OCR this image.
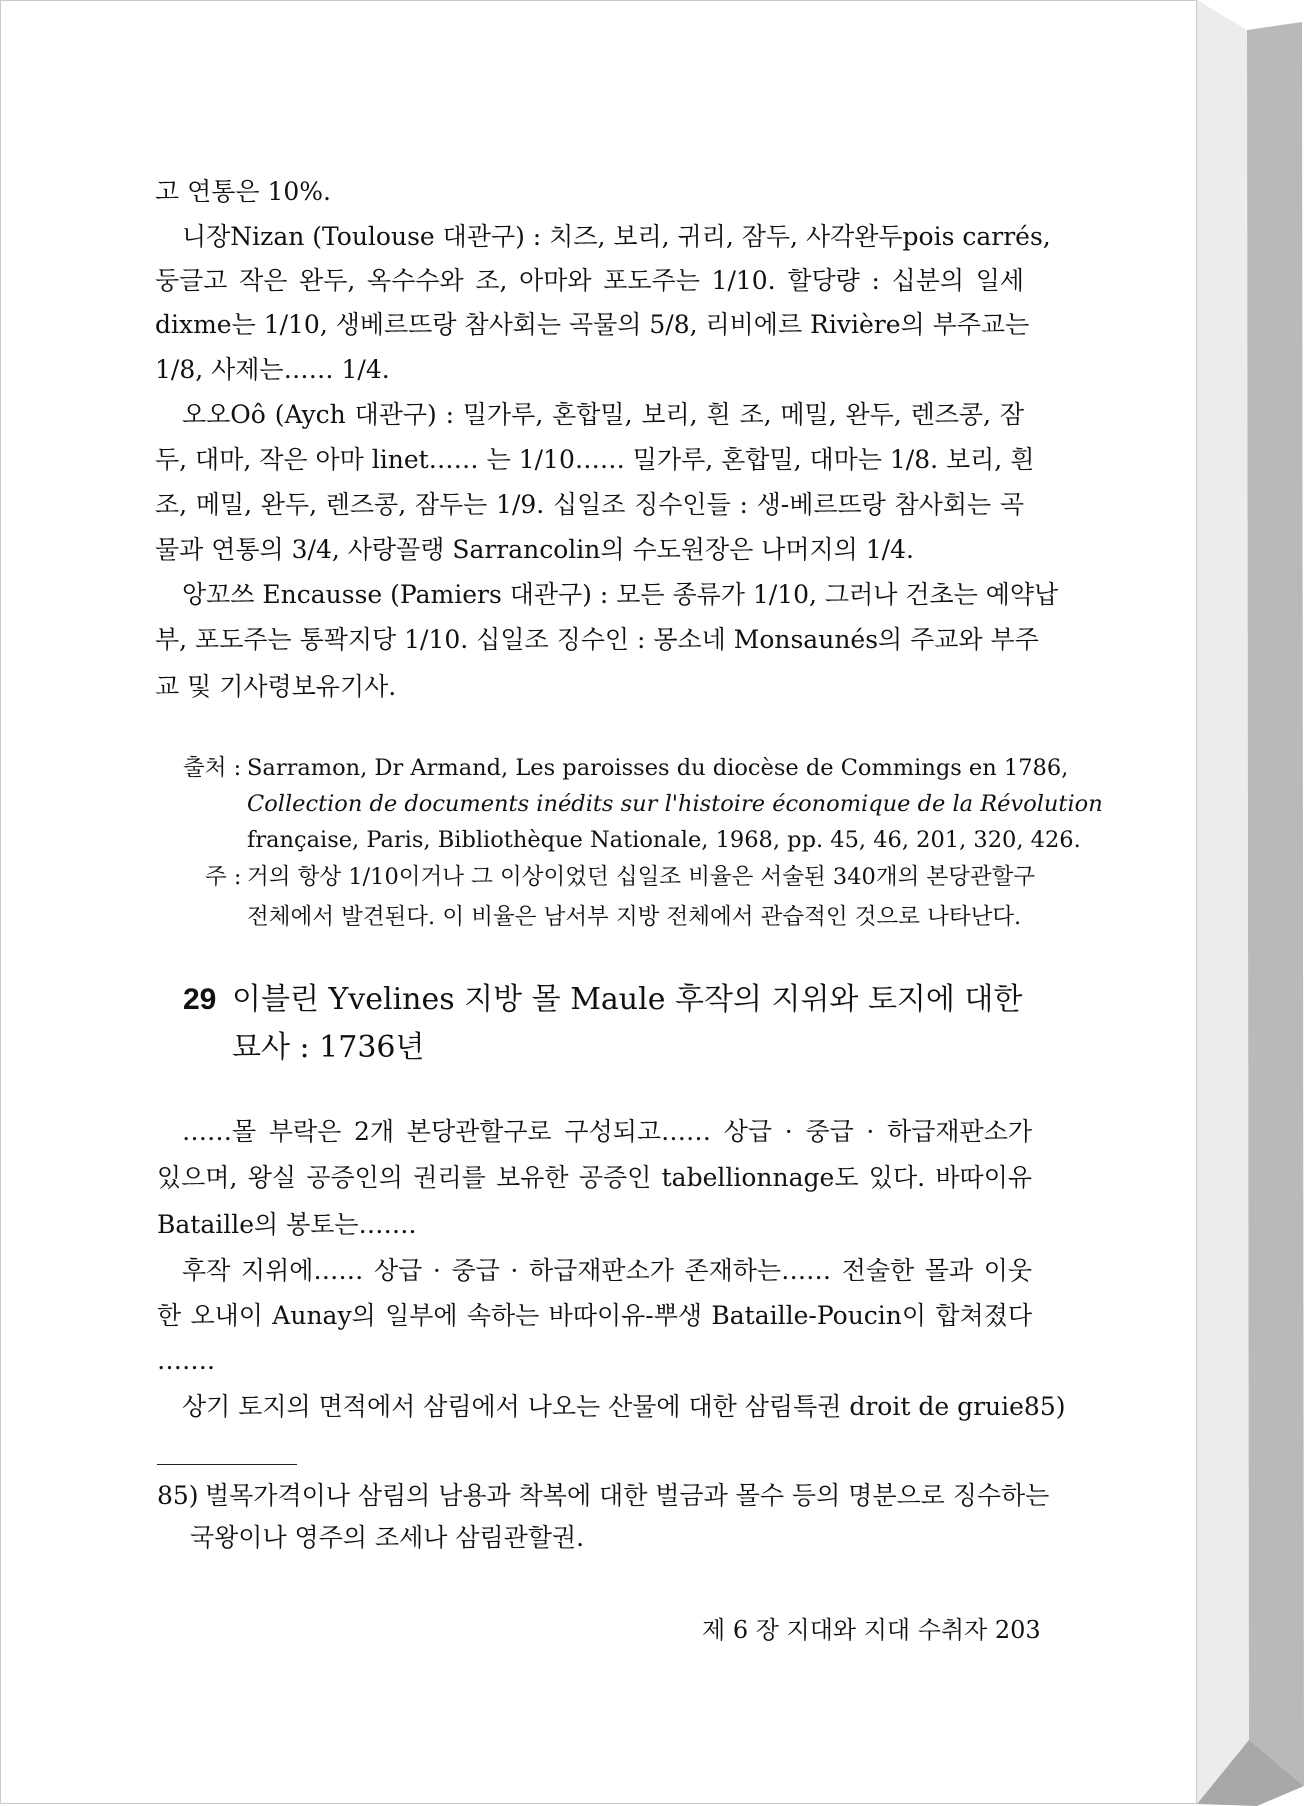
고 연통은 10%.
니장Nizan (Toulouse 대관구) : 치즈, 보리, 귀리, 잠두, 사각완두pois carrés,
둥글고 작은 완두, 옥수수와 조, 아마와 포도주는 1/10. 할당량 : 십분의 일세
dixme는 1/10, 생베르뜨랑 참사회는 곡물의 5/8, 리비에르 Rivière의 부주교는
1/8, 사제는…… 1/4.
오오Oô (Aych 대관구) : 밀가루, 혼합밀, 보리, 흰 조, 메밀, 완두, 렌즈콩, 잠
두, 대마, 작은 아마 linet…… 는 1/10…… 밀가루, 혼합밀, 대마는 1/8. 보리, 흰
조, 메밀, 완두, 렌즈콩, 잠두는 1/9. 십일조 징수인들 : 생-베르뜨랑 참사회는 곡
물과 연통의 3/4, 사랑꼴랭 Sarrancolin의 수도원장은 나머지의 1/4.
앙꼬쓰 Encausse (Pamiers 대관구) : 모든 종류가 1/10, 그러나 건초는 예약납
부, 포도주는 통꽉지당 1/10. 십일조 징수인 : 몽소네 Monsaunés의 주교와 부주
교 및 기사령보유기사.
출처 : Sarramon, Dr Armand, Les paroisses du diocèse de Commings en 1786,
Collection de documents inédits sur l'histoire économique de la Révolution
française, Paris, Bibliothèque Nationale, 1968, pp. 45, 46, 201, 320, 426.
주 : 거의 항상 1/10이거나 그 이상이었던 십일조 비율은 서술된 340개의 본당관할구
전체에서 발견된다. 이 비율은 남서부 지방 전체에서 관습적인 것으로 나타난다.
29 이블린 Yvelines 지방 몰 Maule 후작의 지위와 토지에 대한
묘사 : 1736년
……몰 부락은 2개 본당관할구로 구성되고…… 상급 · 중급 · 하급재판소가
있으며, 왕실 공증인의 권리를 보유한 공증인 tabellionnage도 있다. 바따이유
Bataille의 봉토는…….
후작 지위에…… 상급 · 중급 · 하급재판소가 존재하는…… 전술한 몰과 이웃
한 오내이 Aunay의 일부에 속하는 바따이유-뿌생 Bataille-Poucin이 합쳐졌다
…….
상기 토지의 면적에서 삼림에서 나오는 산물에 대한 삼림특권 droit de gruie85)
85) 벌목가격이나 삼림의 남용과 착복에 대한 벌금과 몰수 등의 명분으로 징수하는
국왕이나 영주의 조세나 삼림관할권.
제 6 장 지대와 지대 수취자 203
